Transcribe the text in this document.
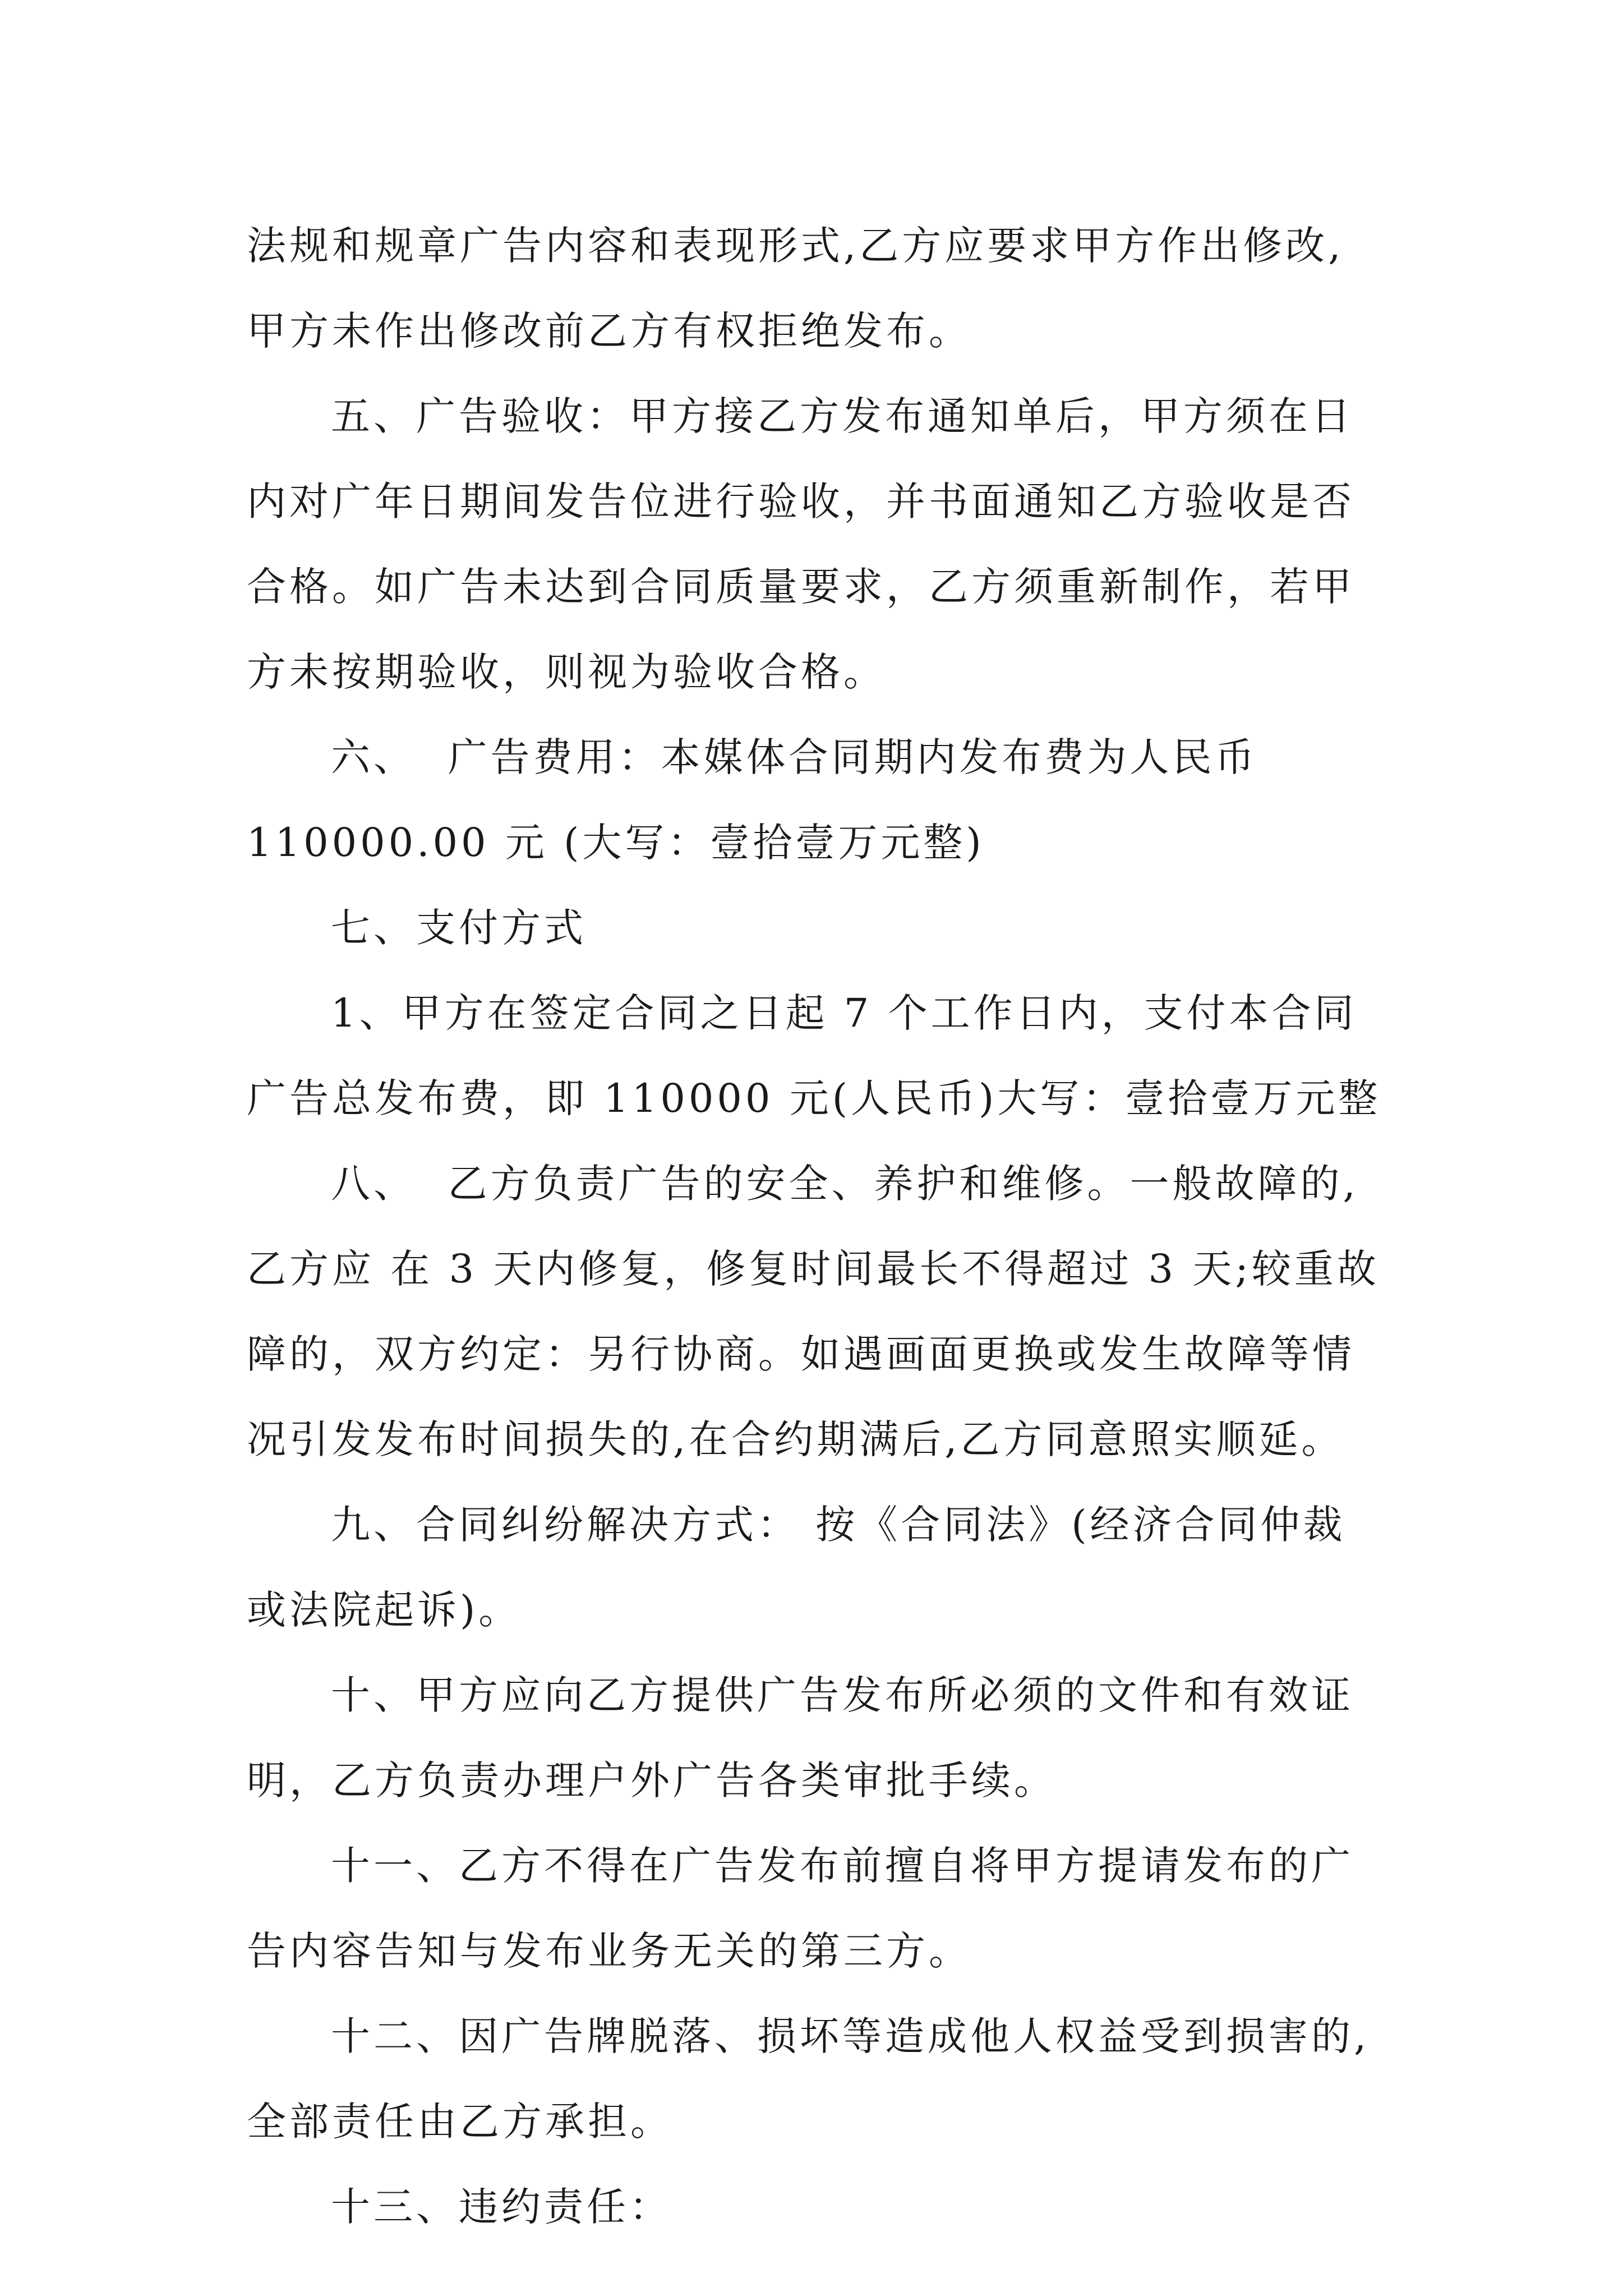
法规和规章广告内容和表现形式,乙方应要求甲方作出修改,
甲方未作出修改前乙方有权拒绝发布。
五、广告验收：甲方接乙方发布通知单后，甲方须在日
内对广年日期间发告位进行验收，并书面通知乙方验收是否
合格。如广告未达到合同质量要求，乙方须重新制作，若甲
方未按期验收，则视为验收合格。
六、  广告费用：本媒体合同期内发布费为人民币
110000.00 元 (大写：壹拾壹万元整)
七、支付方式
1、甲方在签定合同之日起 7 个工作日内，支付本合同
广告总发布费，即 110000 元(人民币)大写：壹拾壹万元整
八、  乙方负责广告的安全、养护和维修。一般故障的,
乙方应 在 3 天内修复，修复时间最长不得超过 3 天;较重故
障的，双方约定：另行协商。如遇画面更换或发生故障等情
况引发发布时间损失的,在合约期满后,乙方同意照实顺延。
九、合同纠纷解决方式： 按《合同法》(经济合同仲裁
或法院起诉)。
十、甲方应向乙方提供广告发布所必须的文件和有效证
明，乙方负责办理户外广告各类审批手续。
十一、乙方不得在广告发布前擅自将甲方提请发布的广
告内容告知与发布业务无关的第三方。
十二、因广告牌脱落、损坏等造成他人权益受到损害的,
全部责任由乙方承担。
十三、违约责任：
